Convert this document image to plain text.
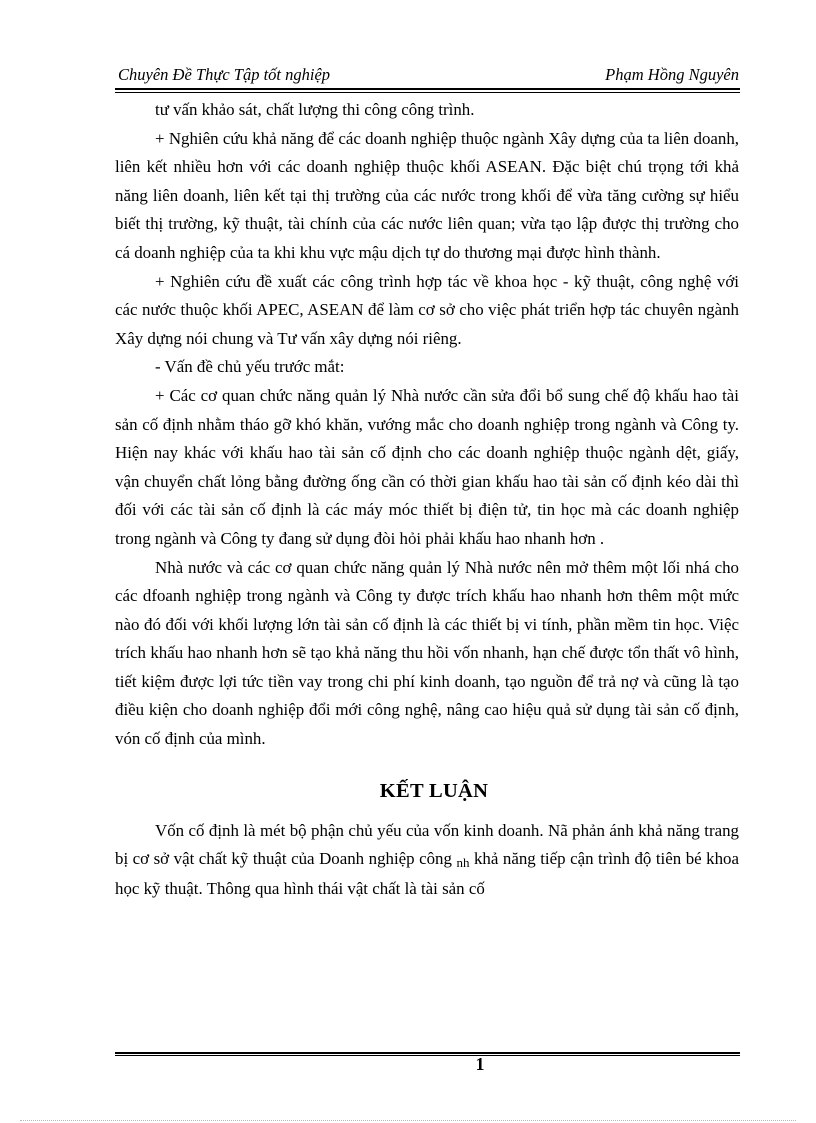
Chuyên Đề Thực Tập tốt nghiệp	Phạm Hồng Nguyên

tư vấn khảo sát, chất lượng thi công công trình.

+ Nghiên cứu khả năng để các doanh nghiệp thuộc ngành Xây dựng của ta liên doanh, liên kết nhiều hơn với các doanh nghiệp thuộc khối ASEAN. Đặc biệt chú trọng tới khả năng liên doanh, liên kết tại thị trường của các nước trong khối để vừa tăng cường sự hiểu biết thị trường, kỹ thuật, tài chính của các nước liên quan; vừa tạo lập được thị trường cho cá doanh nghiệp của ta khi khu vực mậu dịch tự do thương mại được hình thành.

+ Nghiên cứu đề xuất các công trình hợp tác về khoa học - kỹ thuật, công nghệ với các nước thuộc khối APEC, ASEAN để làm cơ sở cho việc phát triển hợp tác chuyên ngành Xây dựng nói chung và Tư vấn xây dựng nói riêng.

- Vấn đề chủ yếu trước mắt:

+ Các cơ quan chức năng quản lý Nhà nước cần sửa đổi bổ sung chế độ khấu hao tài sản cố định nhằm tháo gỡ khó khăn, vướng mắc cho doanh nghiệp trong ngành và Công ty. Hiện nay khác với khấu hao tài sản cố định cho các doanh nghiệp thuộc ngành dệt, giấy, vận chuyển chất lỏng bằng đường ống cần có thời gian khấu hao tài sản cố định kéo dài thì đối với các tài sản cố định là các máy móc thiết bị điện tử, tin học mà các doanh nghiệp trong ngành và Công ty đang sử dụng đòi hỏi phải khấu hao nhanh hơn .

Nhà nước và các cơ quan chức năng quản lý Nhà nước nên mở thêm một lối nhá cho các dfoanh nghiệp trong ngành và Công ty được trích khấu hao nhanh hơn thêm một mức nào đó đối với khối lượng lớn tài sản cố định là các thiết bị vi tính, phần mềm tin học. Việc trích khấu hao nhanh hơn sẽ tạo khả năng thu hồi vốn nhanh, hạn chế được tổn thất vô hình, tiết kiệm được lợi tức tiền vay trong chi phí kinh doanh, tạo nguồn để trả nợ và cũng là tạo điều kiện cho doanh nghiệp đổi mới công nghệ, nâng cao hiệu quả sử dụng tài sản cố định, vón cố định của mình.

KẾT LUẬN

Vốn cố định là mét bộ phận chủ yếu của vốn kinh doanh. Nã phản ánh khả năng trang bị cơ sở vật chất kỹ thuật của Doanh nghiệp công nh khả năng tiếp cận trình độ tiên bé khoa học kỹ thuật. Thông qua hình thái vật chất là tài sản cố

1
